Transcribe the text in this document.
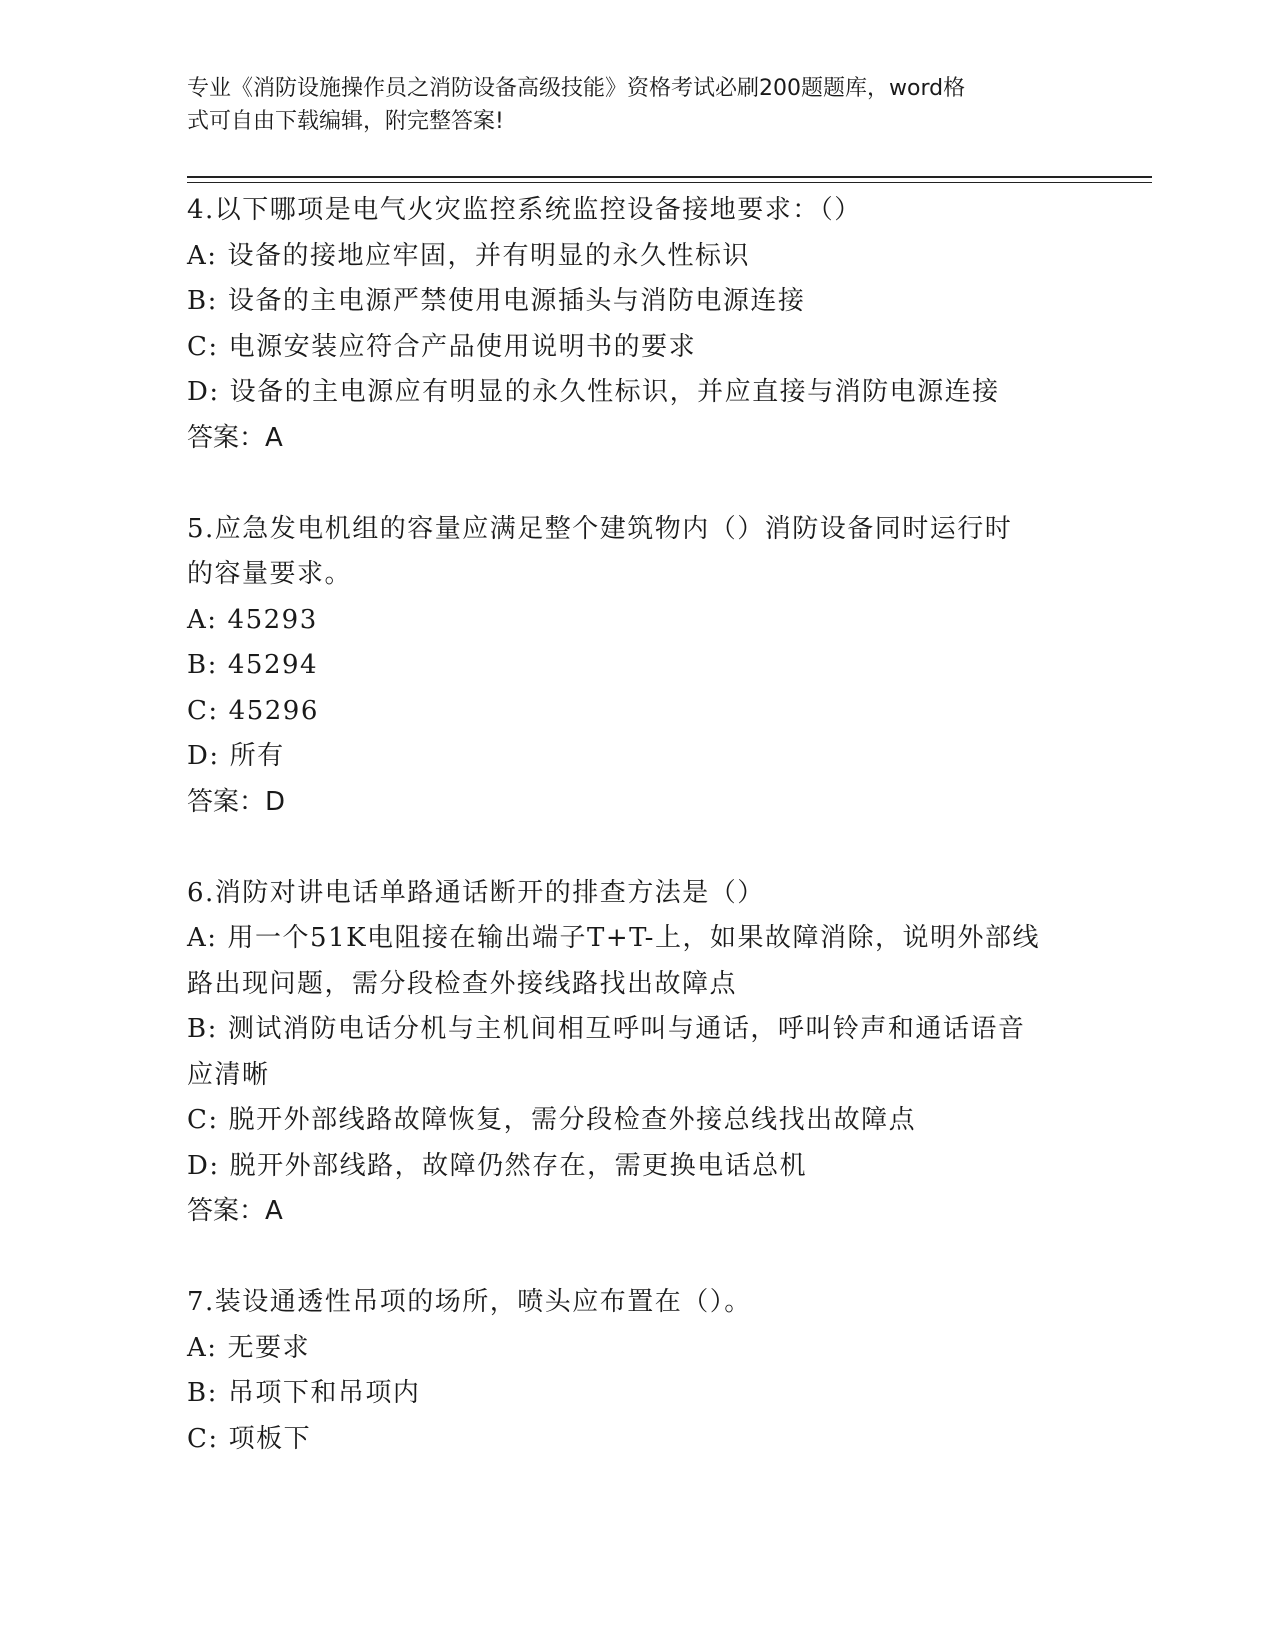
专业《消防设施操作员之消防设备高级技能》资格考试必刷200题题库，word格
式可自由下载编辑，附完整答案!
4.以下哪项是电气火灾监控系统监控设备接地要求：（）
A: 设备的接地应牢固，并有明显的永久性标识
B: 设备的主电源严禁使用电源插头与消防电源连接
C: 电源安装应符合产品使用说明书的要求
D: 设备的主电源应有明显的永久性标识，并应直接与消防电源连接
答案：A
5.应急发电机组的容量应满足整个建筑物内（）消防设备同时运行时
的容量要求。
A: 45293
B: 45294
C: 45296
D: 所有
答案：D
6.消防对讲电话单路通话断开的排查方法是（）
A: 用一个51K电阻接在输出端子T+T-上，如果故障消除，说明外部线
路出现问题，需分段检查外接线路找出故障点
B: 测试消防电话分机与主机间相互呼叫与通话，呼叫铃声和通话语音
应清晰
C: 脱开外部线路故障恢复，需分段检查外接总线找出故障点
D: 脱开外部线路，故障仍然存在，需更换电话总机
答案：A
7.装设通透性吊项的场所，喷头应布置在（）。
A: 无要求
B: 吊项下和吊项内
C: 项板下
